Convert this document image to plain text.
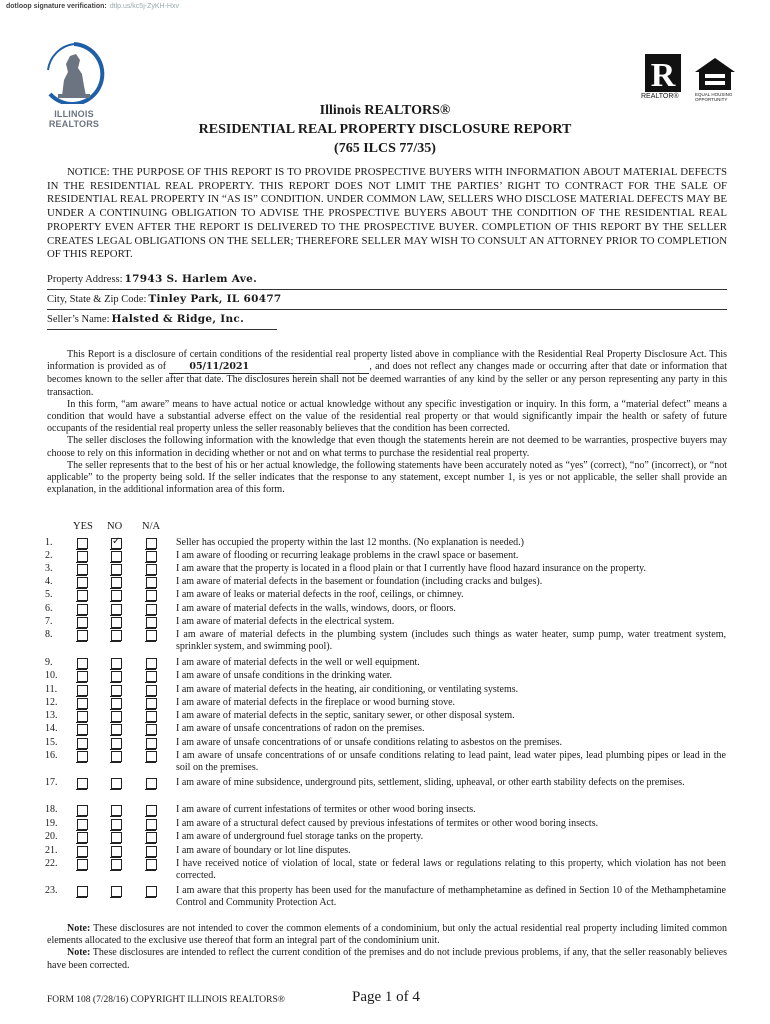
dotloop signature verification: dtlp.us/kc5j-ZyKH-Hxv
ILLINOIS
REALTORS
R
REALTOR®	EQUAL HOUSING OPPORTUNITY
Illinois REALTORS®
RESIDENTIAL REAL PROPERTY DISCLOSURE REPORT
(765 ILCS 77/35)
NOTICE: THE PURPOSE OF THIS REPORT IS TO PROVIDE PROSPECTIVE BUYERS WITH INFORMATION ABOUT MATERIAL DEFECTS IN THE RESIDENTIAL REAL PROPERTY. THIS REPORT DOES NOT LIMIT THE PARTIES’ RIGHT TO CONTRACT FOR THE SALE OF RESIDENTIAL REAL PROPERTY IN “AS IS” CONDITION. UNDER COMMON LAW, SELLERS WHO DISCLOSE MATERIAL DEFECTS MAY BE UNDER A CONTINUING OBLIGATION TO ADVISE THE PROSPECTIVE BUYERS ABOUT THE CONDITION OF THE RESIDENTIAL REAL PROPERTY EVEN AFTER THE REPORT IS DELIVERED TO THE PROSPECTIVE BUYER. COMPLETION OF THIS REPORT BY THE SELLER CREATES LEGAL OBLIGATIONS ON THE SELLER; THEREFORE SELLER MAY WISH TO CONSULT AN ATTORNEY PRIOR TO COMPLETION OF THIS REPORT.
Property Address: 17943 S. Harlem Ave.
City, State & Zip Code: Tinley Park, IL 60477
Seller’s Name: Halsted & Ridge, Inc.

This Report is a disclosure of certain conditions of the residential real property listed above in compliance with the Residential Real Property Disclosure Act. This information is provided as of 05/11/2021	, and does not reflect any changes made or occurring after that date or information that becomes known to the seller after that date. The disclosures herein shall not be deemed warranties of any kind by the seller or any person representing any party in this transaction.

In this form, “am aware” means to have actual notice or actual knowledge without any specific investigation or inquiry. In this form, a “material defect” means a condition that would have a substantial adverse effect on the value of the residential real property or that would significantly impair the health or safety of future occupants of the residential real property unless the seller reasonably believes that the condition has been corrected.

The seller discloses the following information with the knowledge that even though the statements herein are not deemed to be warranties, prospective buyers may choose to rely on this information in deciding whether or not and on what terms to purchase the residential real property.

The seller represents that to the best of his or her actual knowledge, the following statements have been accurately noted as “yes” (correct), “no” (incorrect), or “not applicable” to the property being sold. If the seller indicates that the response to any statement, except number 1, is yes or not applicable, the seller shall provide an explanation, in the additional information area of this form.

YES NO N/A
1.
✓	Seller has occupied the property within the last 12 months. (No explanation is needed.)
2.	I am aware of flooding or recurring leakage problems in the crawl space or basement.
3.	I am aware that the property is located in a flood plain or that I currently have flood hazard insurance on the property.
4.	I am aware of material defects in the basement or foundation (including cracks and bulges).
5.	I am aware of leaks or material defects in the roof, ceilings, or chimney.
6.	I am aware of material defects in the walls, windows, doors, or floors.
7.	I am aware of material defects in the electrical system.
8.	I am aware of material defects in the plumbing system (includes such things as water heater, sump pump, water treatment system, sprinkler system, and swimming pool).
9.	I am aware of material defects in the well or well equipment.
10.	I am aware of unsafe conditions in the drinking water.
11.	I am aware of material defects in the heating, air conditioning, or ventilating systems.
12.	I am aware of material defects in the fireplace or wood burning stove.
13.	I am aware of material defects in the septic, sanitary sewer, or other disposal system.
14.	I am aware of unsafe concentrations of radon on the premises.
15.	I am aware of unsafe concentrations of or unsafe conditions relating to asbestos on the premises.
16.	I am aware of unsafe concentrations of or unsafe conditions relating to lead paint, lead water pipes, lead plumbing pipes or lead in the soil on the premises.
17.	I am aware of mine subsidence, underground pits, settlement, sliding, upheaval, or other earth stability defects on the premises.
18.	I am aware of current infestations of termites or other wood boring insects.
19.	I am aware of a structural defect caused by previous infestations of termites or other wood boring insects.
20.	I am aware of underground fuel storage tanks on the property.
21.	I am aware of boundary or lot line disputes.
22.	I have received notice of violation of local, state or federal laws or regulations relating to this property, which violation has not been corrected.
23.	I am aware that this property has been used for the manufacture of methamphetamine as defined in Section 10 of the Methamphetamine Control and Community Protection Act.

Note: These disclosures are not intended to cover the common elements of a condominium, but only the actual residential real property including limited common elements allocated to the exclusive use thereof that form an integral part of the condominium unit.

Note: These disclosures are intended to reflect the current condition of the premises and do not include previous problems, if any, that the seller reasonably believes have been corrected.

FORM 108 (7/28/16) COPYRIGHT ILLINOIS REALTORS®	Page 1 of 4
